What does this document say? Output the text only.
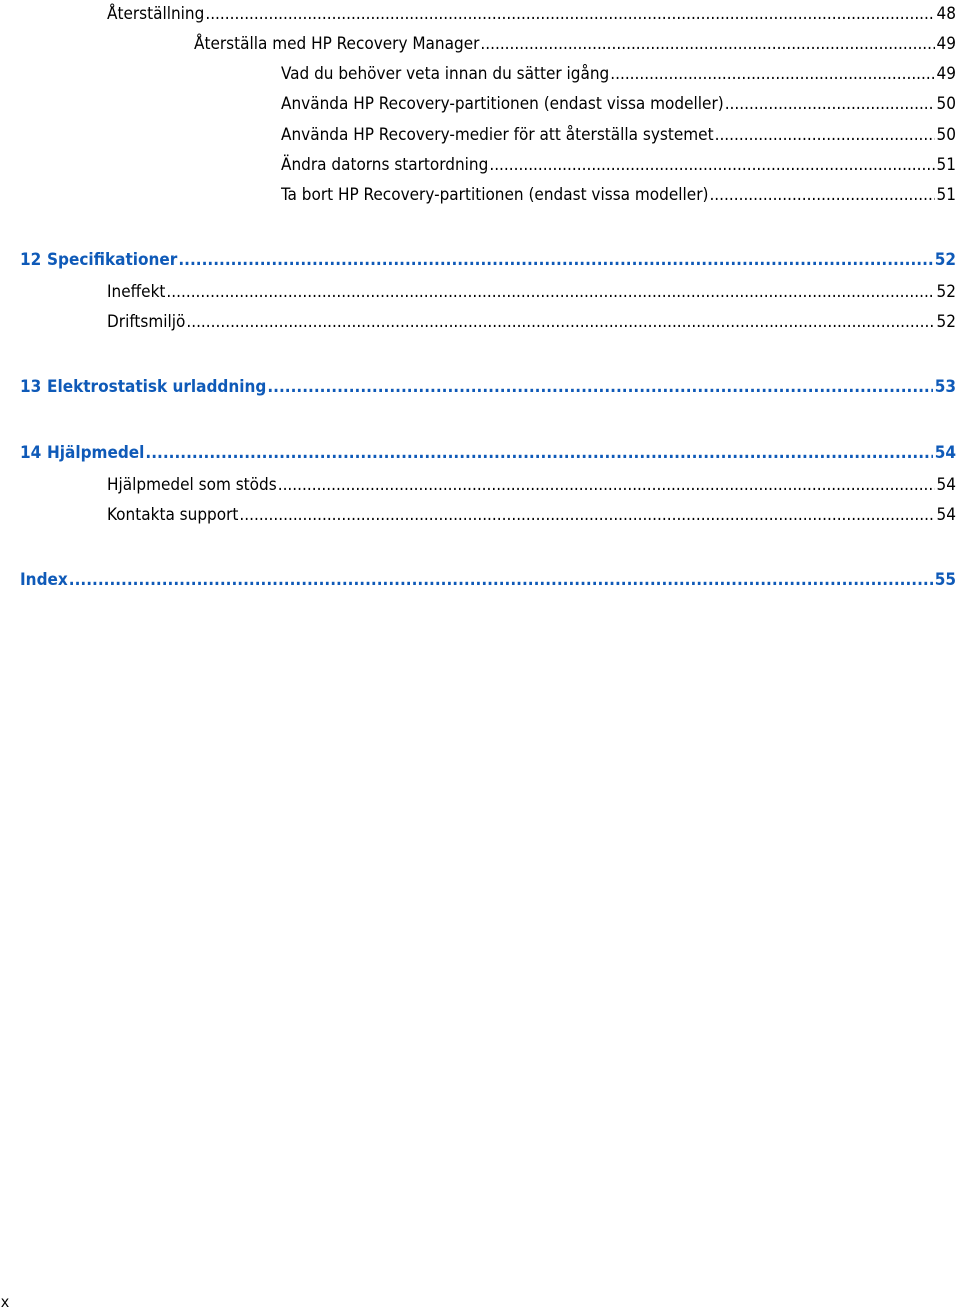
Återställning .....	48
Återställa med HP Recovery Manager .....	49
Vad du behöver veta innan du sätter igång .....	49
Använda HP Recovery-partitionen (endast vissa modeller) .....	50
Använda HP Recovery-medier för att återställa systemet .....	50
Ändra datorns startordning .....	51
Ta bort HP Recovery-partitionen (endast vissa modeller) .....	51
12 Specifikationer .....	52
Ineffekt .....	52
Driftsmiljö .....	52
13 Elektrostatisk urladdning .....	53
14 Hjälpmedel .....	54
Hjälpmedel som stöds .....	54
Kontakta support .....	54
Index .....	55
x
